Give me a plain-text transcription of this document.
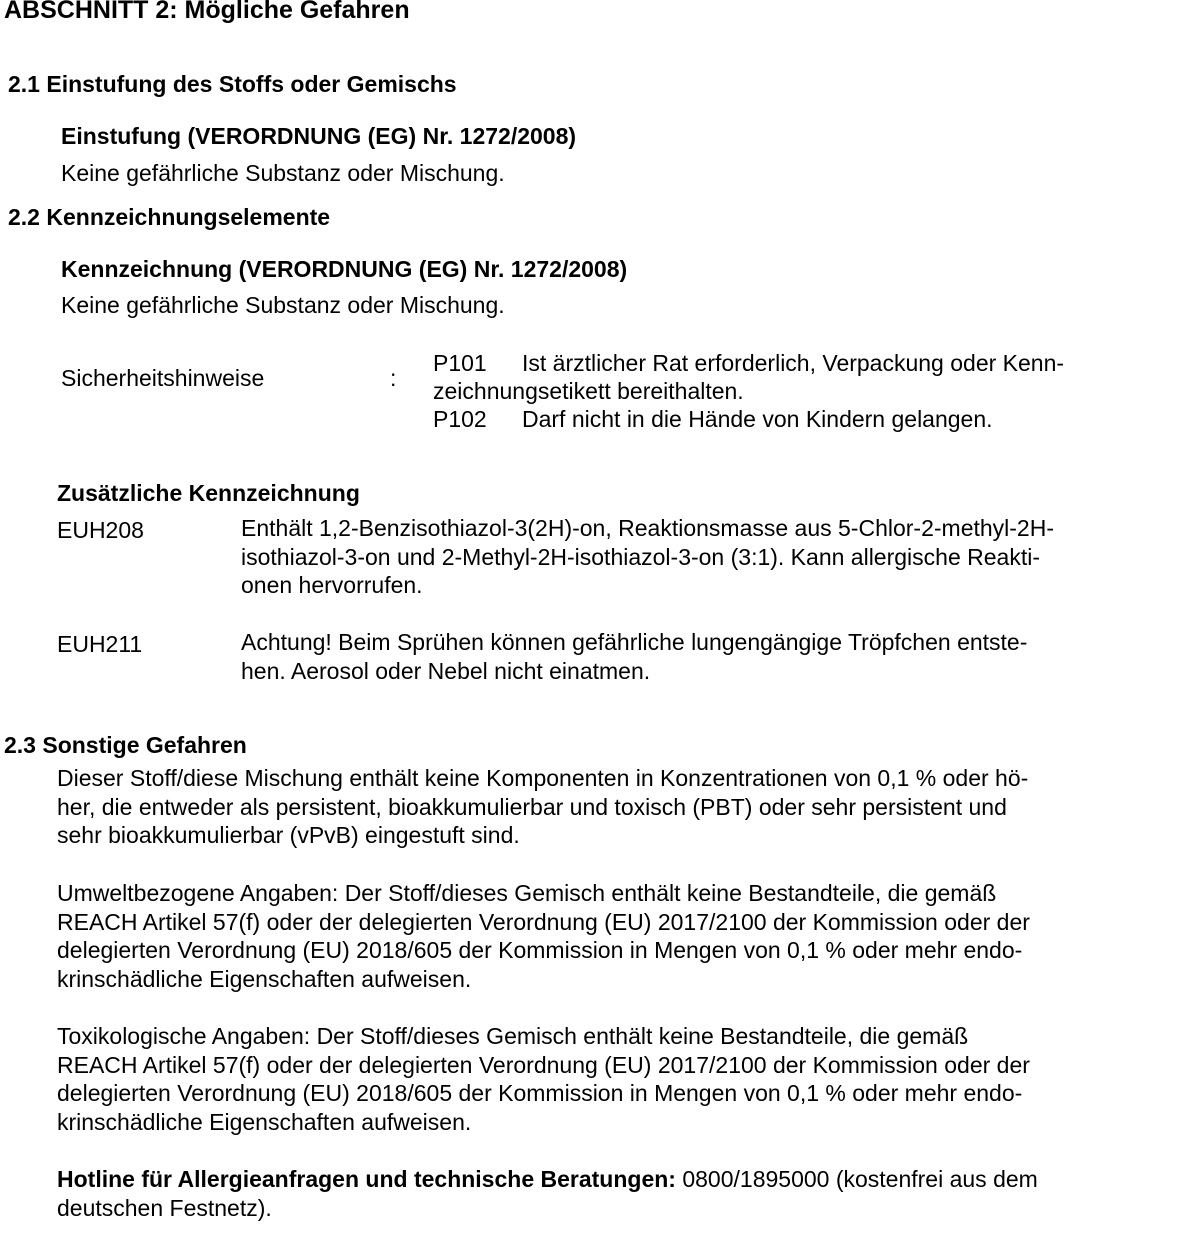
ABSCHNITT 2: Mögliche Gefahren
2.1 Einstufung des Stoffs oder Gemischs
Einstufung (VERORDNUNG (EG) Nr. 1272/2008)
Keine gefährliche Substanz oder Mischung.
2.2 Kennzeichnungselemente
Kennzeichnung (VERORDNUNG (EG) Nr. 1272/2008)
Keine gefährliche Substanz oder Mischung.
Sicherheitshinweise	:
P101 Ist ärztlicher Rat erforderlich, Verpackung oder Kenn-
zeichnungsetikett bereithalten.
P102 Darf nicht in die Hände von Kindern gelangen.
Zusätzliche Kennzeichnung
EUH208	Enthält 1,2-Benzisothiazol-3(2H)-on, Reaktionsmasse aus 5-Chlor-2-methyl-2H-
isothiazol-3-on und 2-Methyl-2H-isothiazol-3-on (3:1). Kann allergische Reakti-
onen hervorrufen.
EUH211	Achtung! Beim Sprühen können gefährliche lungengängige Tröpfchen entste-
hen. Aerosol oder Nebel nicht einatmen.
2.3 Sonstige Gefahren
Dieser Stoff/diese Mischung enthält keine Komponenten in Konzentrationen von 0,1 % oder hö-
her, die entweder als persistent, bioakkumulierbar und toxisch (PBT) oder sehr persistent und
sehr bioakkumulierbar (vPvB) eingestuft sind.
Umweltbezogene Angaben: Der Stoff/dieses Gemisch enthält keine Bestandteile, die gemäß
REACH Artikel 57(f) oder der delegierten Verordnung (EU) 2017/2100 der Kommission oder der
delegierten Verordnung (EU) 2018/605 der Kommission in Mengen von 0,1 % oder mehr endo-
krinschädliche Eigenschaften aufweisen.
Toxikologische Angaben: Der Stoff/dieses Gemisch enthält keine Bestandteile, die gemäß
REACH Artikel 57(f) oder der delegierten Verordnung (EU) 2017/2100 der Kommission oder der
delegierten Verordnung (EU) 2018/605 der Kommission in Mengen von 0,1 % oder mehr endo-
krinschädliche Eigenschaften aufweisen.
Hotline für Allergieanfragen und technische Beratungen: 0800/1895000 (kostenfrei aus dem
deutschen Festnetz).
